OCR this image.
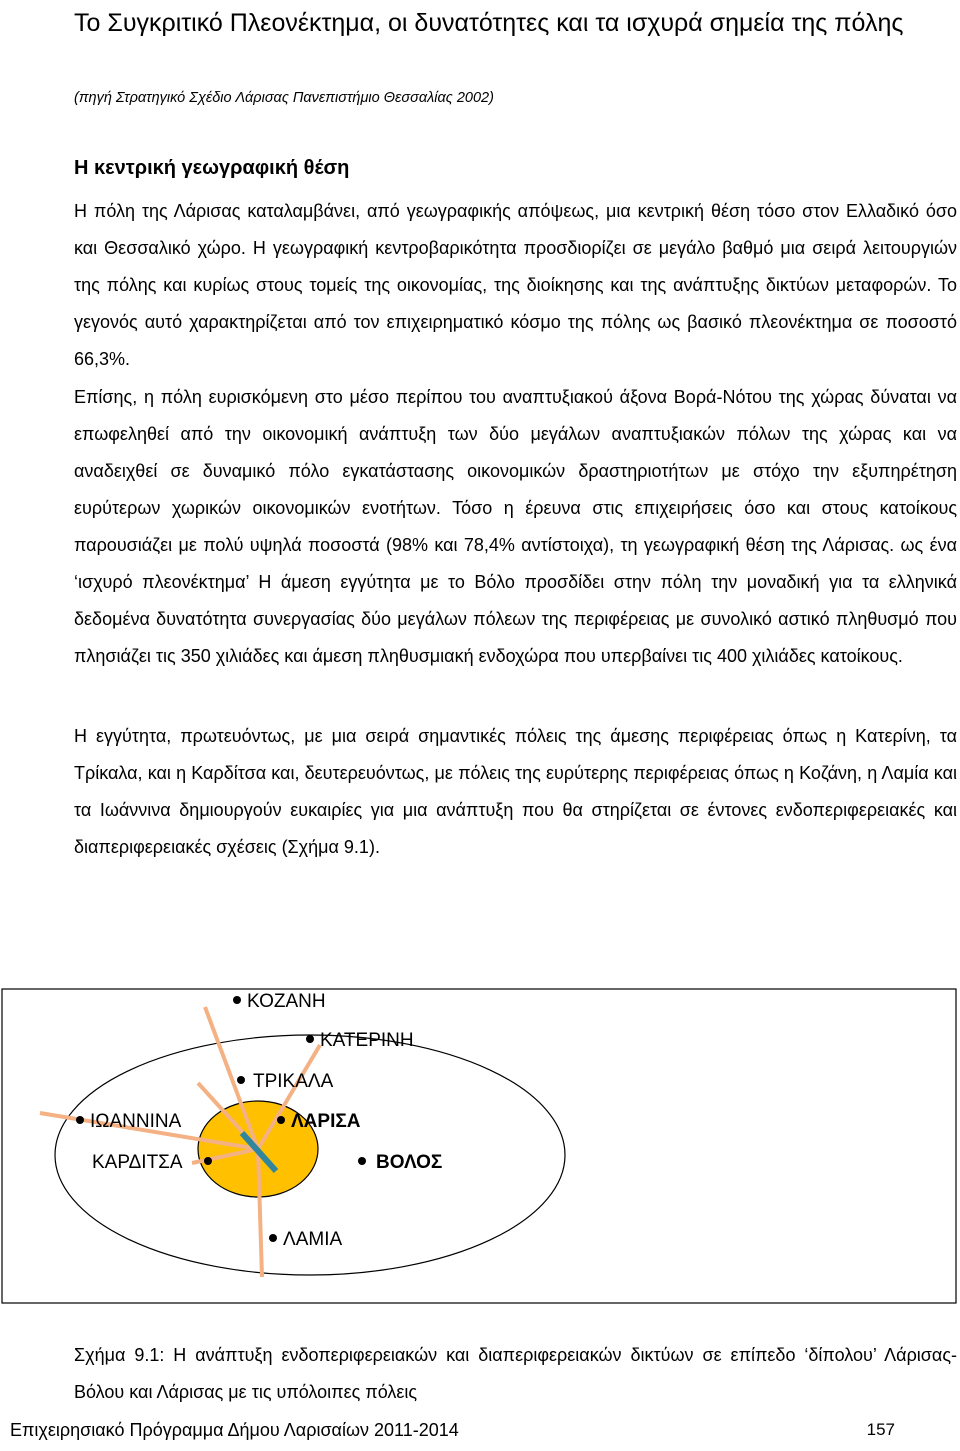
Το Συγκριτικό Πλεονέκτημα, οι δυνατότητες και τα ισχυρά σημεία της πόλης
(πηγή Στρατηγικό Σχέδιο Λάρισας Πανεπιστήμιο Θεσσαλίας 2002)
Η κεντρική γεωγραφική θέση

Η πόλη της Λάρισας καταλαμβάνει, από γεωγραφικής απόψεως, μια κεντρική θέση τόσο στον Ελλαδικό όσο και Θεσσαλικό χώρο. Η γεωγραφική κεντροβαρικότητα προσδιορίζει σε μεγάλο βαθμό μια σειρά λειτουργιών της πόλης και κυρίως στους τομείς της οικονομίας, της διοίκησης και της ανάπτυξης δικτύων μεταφορών. Το γεγονός αυτό χαρακτηρίζεται από τον επιχειρηματικό κόσμο της πόλης ως βασικό πλεονέκτημα σε ποσοστό 66,3%.

Επίσης, η πόλη ευρισκόμενη στο μέσο περίπου του αναπτυξιακού άξονα Βορά-Νότου της χώρας δύναται να επωφεληθεί από την οικονομική ανάπτυξη των δύο μεγάλων αναπτυξιακών πόλων της χώρας και να αναδειχθεί σε δυναμικό πόλο εγκατάστασης οικονομικών δραστηριοτήτων με στόχο την εξυπηρέτηση ευρύτερων χωρικών οικονομικών ενοτήτων. Τόσο η έρευνα στις επιχειρήσεις όσο και στους κατοίκους παρουσιάζει με πολύ υψηλά ποσοστά (98% και 78,4% αντίστοιχα), τη γεωγραφική θέση της Λάρισας. ως ένα ‘ισχυρό πλεονέκτημα’ Η άμεση εγγύτητα με το Βόλο προσδίδει στην πόλη την μοναδική για τα ελληνικά δεδομένα δυνατότητα συνεργασίας δύο μεγάλων πόλεων της περιφέρειας με συνολικό αστικό πληθυσμό που πλησιάζει τις 350 χιλιάδες και άμεση πληθυσμιακή ενδοχώρα που υπερβαίνει τις 400 χιλιάδες κατοίκους.

Η εγγύτητα, πρωτευόντως, με μια σειρά σημαντικές πόλεις της άμεσης περιφέρειας όπως η Κατερίνη, τα Τρίκαλα, και η Καρδίτσα και, δευτερευόντως, με πόλεις της ευρύτερης περιφέρειας όπως η Κοζάνη, η Λαμία και τα Ιωάννινα δημιουργούν ευκαιρίες για μια ανάπτυξη που θα στηρίζεται σε έντονες ενδοπεριφερειακές και διαπεριφερειακές σχέσεις (Σχήμα 9.1).

ΚΟΖΑΝΗ
ΚΑΤΕΡΙΝΗ
ΤΡΙΚΑΛΑ
ΙΩΑΝΝΙΝΑ	ΛΑΡΙΣΑ
ΚΑΡΔΙΤΣΑ	ΒΟΛΟΣ
ΛΑΜΙΑ

Σχήμα 9.1: Η ανάπτυξη ενδοπεριφερειακών και διαπεριφερειακών δικτύων σε επίπεδο ‘δίπολου’ Λάρισας- Βόλου και Λάρισας με τις υπόλοιπες πόλεις

Επιχειρησιακό Πρόγραμμα Δήμου Λαρισαίων 2011-2014	157
